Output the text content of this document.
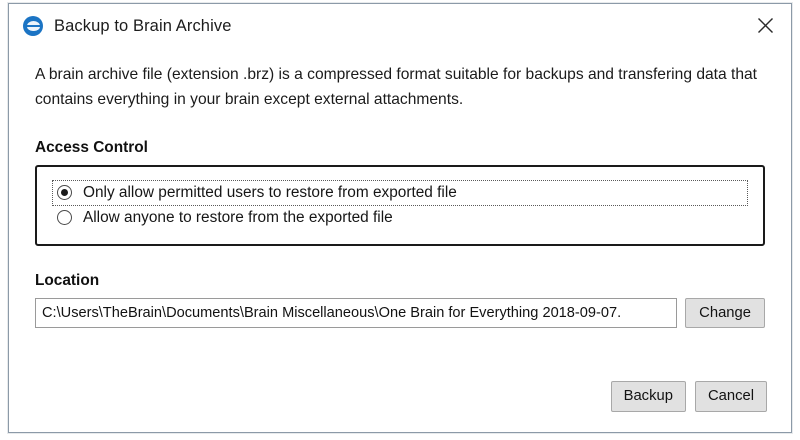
Backup to Brain Archive

A brain archive file (extension .brz) is a compressed format suitable for backups and transfering data that contains everything in your brain except external attachments.

Access Control
Only allow permitted users to restore from exported file
Allow anyone to restore from the exported file
Location
C:\Users\TheBrain\Documents\Brain Miscellaneous\One Brain for Everything 2018-09-07.	Change
Backup	Cancel
